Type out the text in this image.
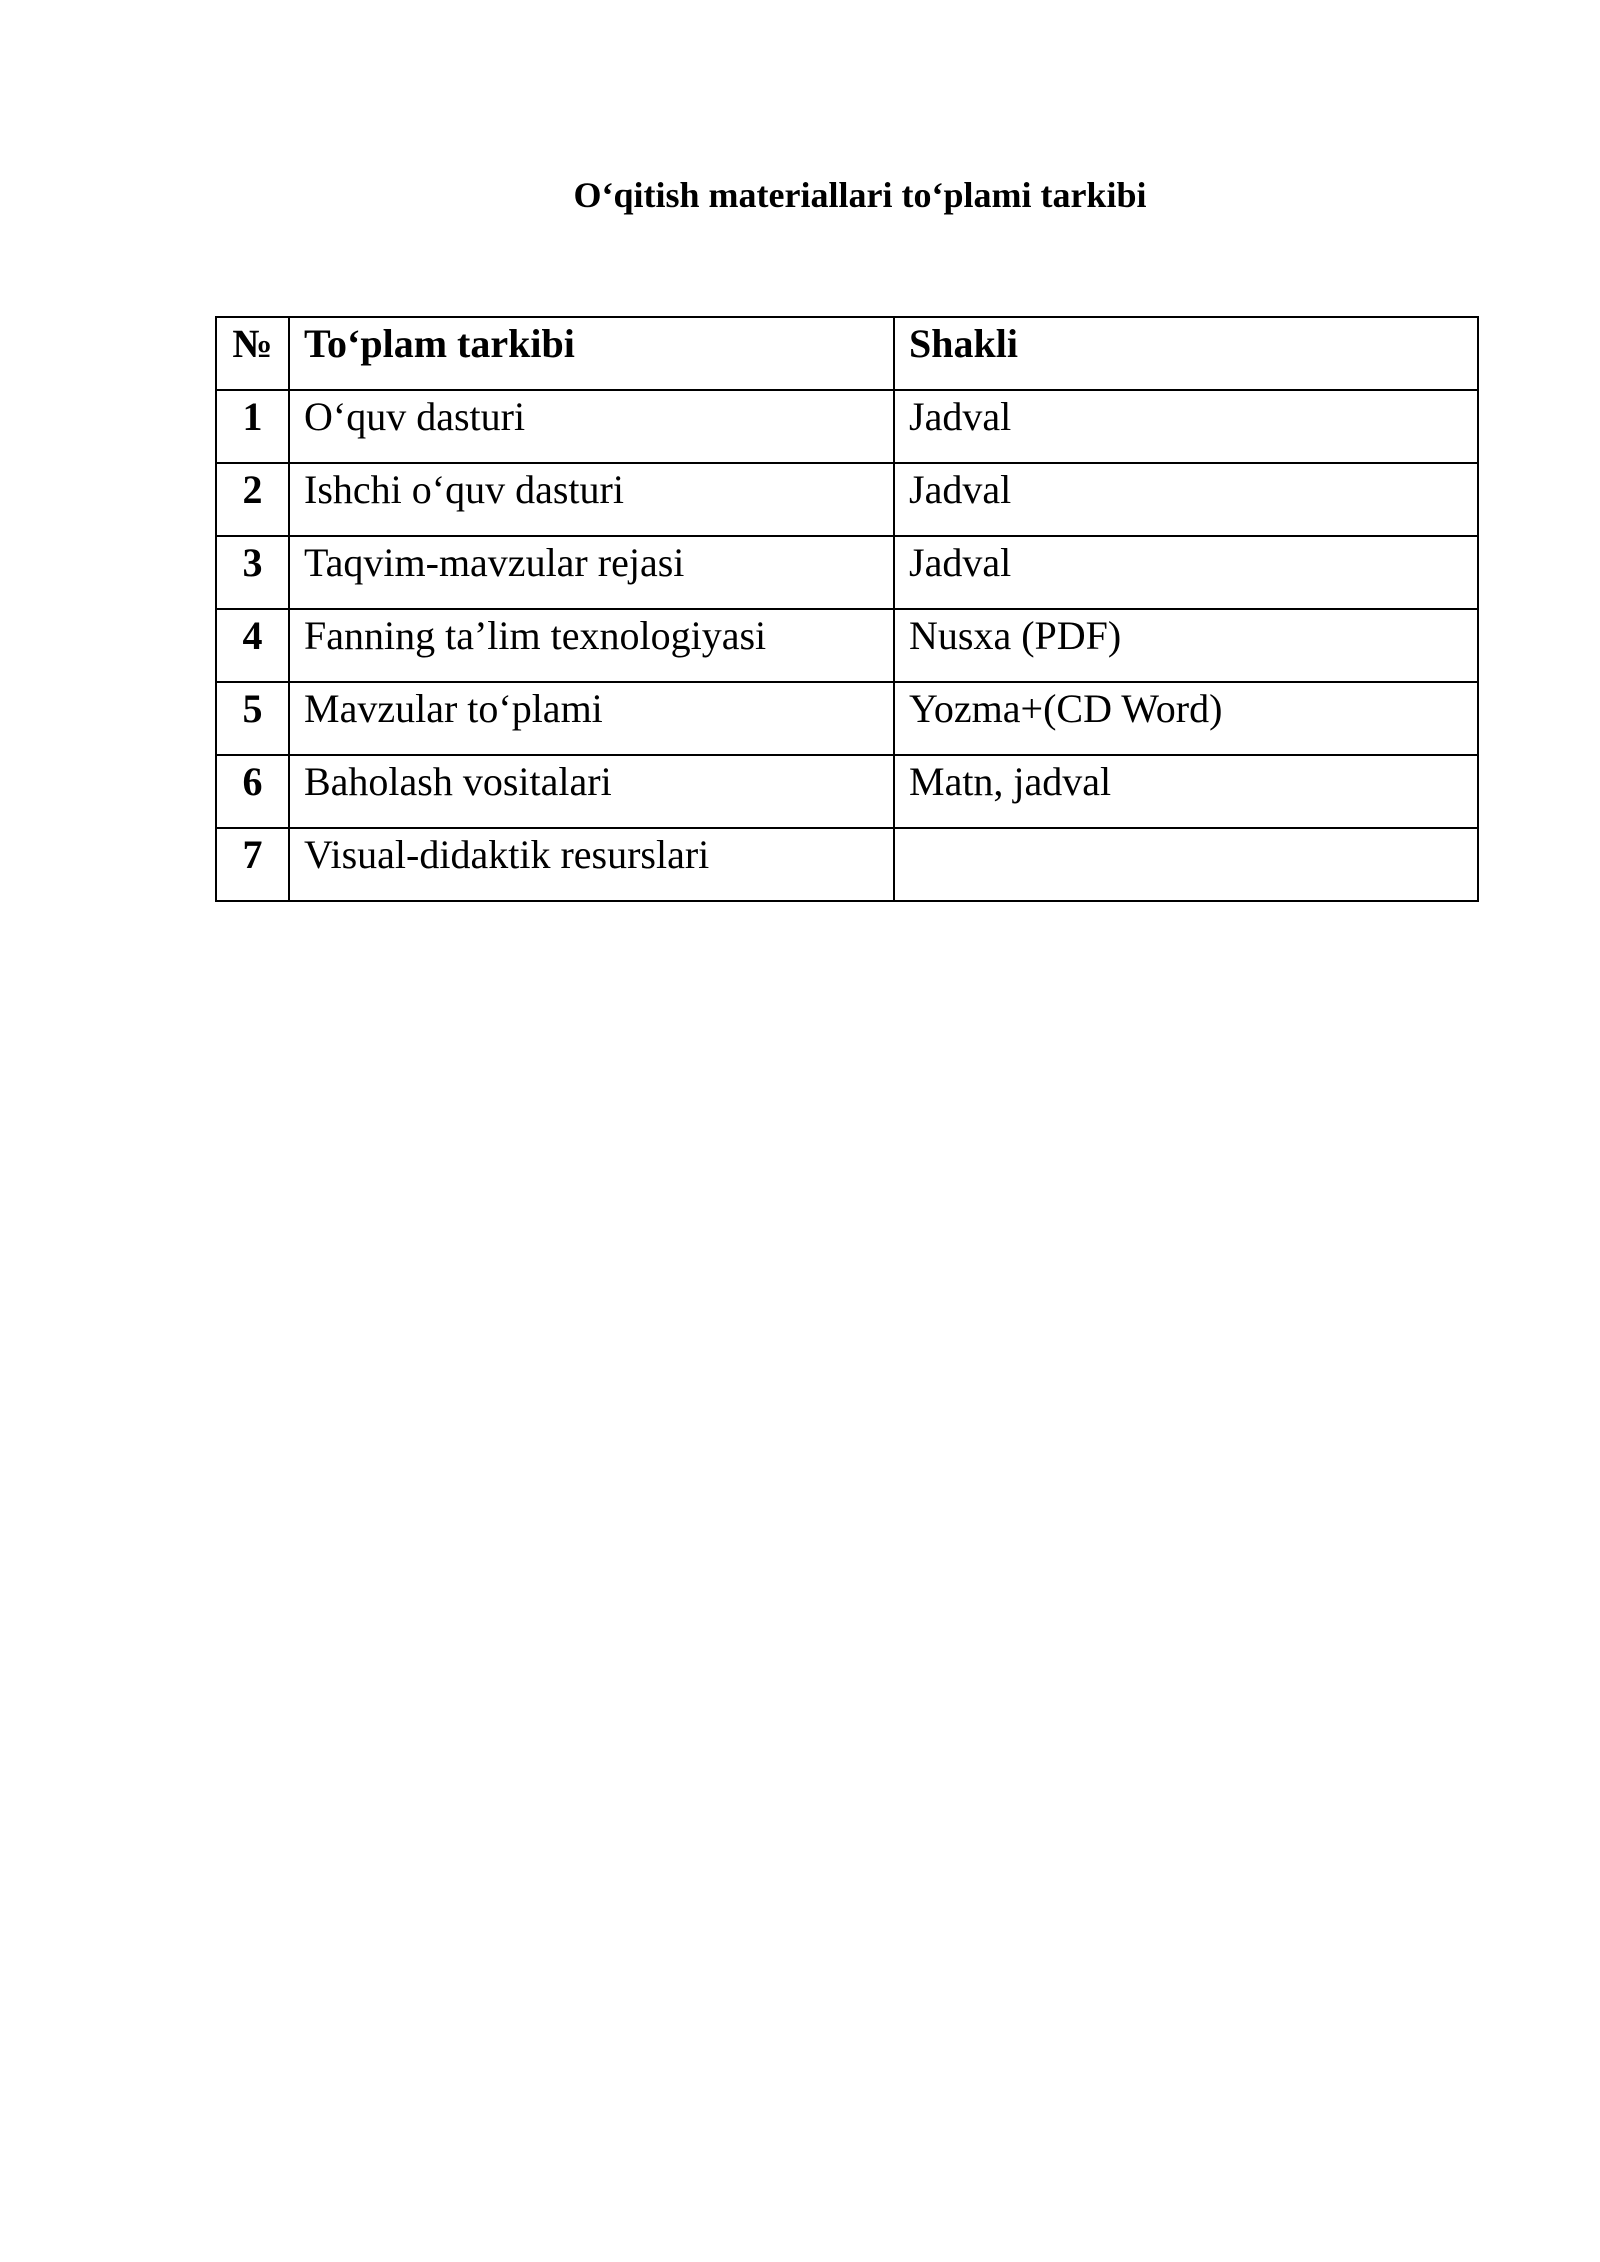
O‘qitish materiallari to‘plami tarkibi
№	To‘plam tarkibi	Shakli
1	O‘quv dasturi	Jadval
2	Ishchi o‘quv dasturi	Jadval
3	Taqvim-mavzular rejasi	Jadval
4	Fanning ta’lim texnologiyasi	Nusxa (PDF)
5	Mavzular to‘plami	Yozma+(CD Word)
6	Baholash vositalari	Matn, jadval
7	Visual-didaktik resurslari	
